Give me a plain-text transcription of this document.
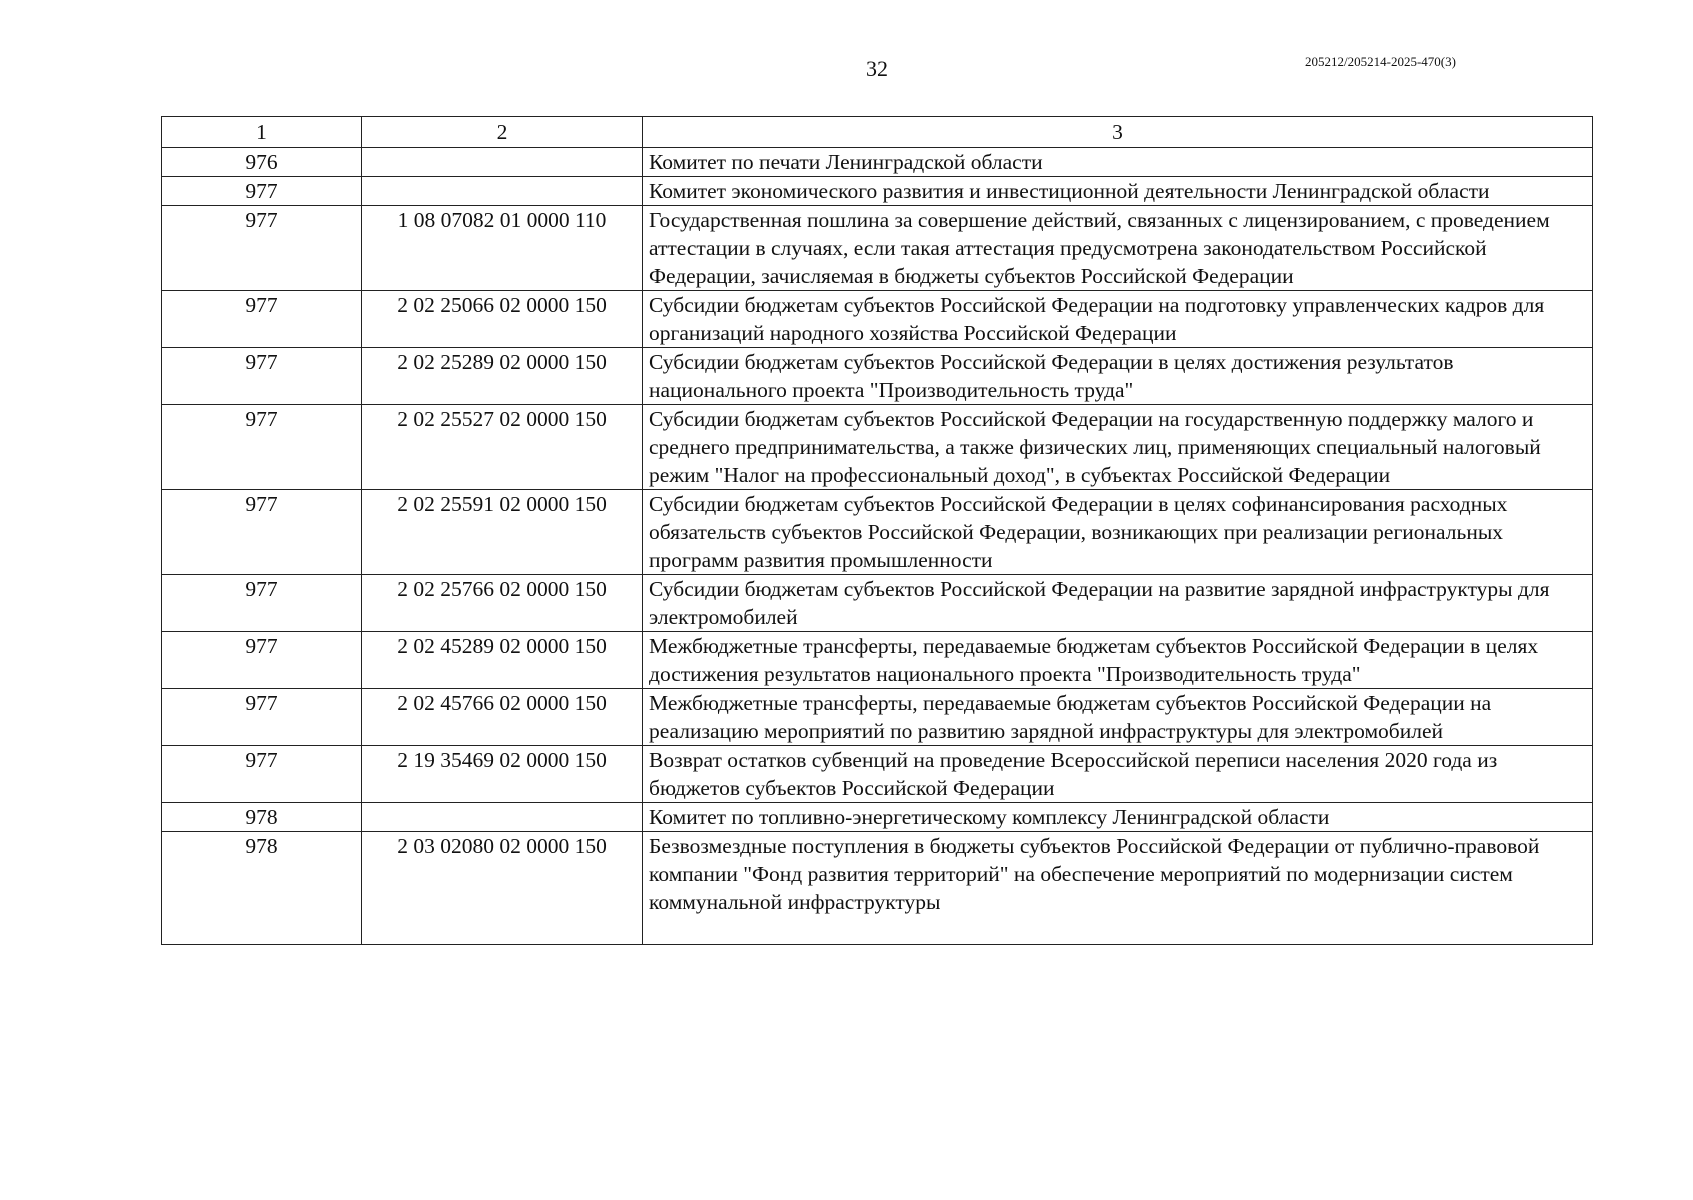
32	205212/205214-2025-470(3)
1	2	3
976		Комитет по печати Ленинградской области
977		Комитет экономического развития и инвестиционной деятельности Ленинградской области
977	1 08 07082 01 0000 110	Государственная пошлина за совершение действий, связанных с лицензированием, с проведением аттестации в случаях, если такая аттестация предусмотрена законодательством Российской Федерации, зачисляемая в бюджеты субъектов Российской Федерации
977	2 02 25066 02 0000 150	Субсидии бюджетам субъектов Российской Федерации на подготовку управленческих кадров для организаций народного хозяйства Российской Федерации
977	2 02 25289 02 0000 150	Субсидии бюджетам субъектов Российской Федерации в целях достижения результатов национального проекта "Производительность труда"
977	2 02 25527 02 0000 150	Субсидии бюджетам субъектов Российской Федерации на государственную поддержку малого и среднего предпринимательства, а также физических лиц, применяющих специальный налоговый режим "Налог на профессиональный доход", в субъектах Российской Федерации
977	2 02 25591 02 0000 150	Субсидии бюджетам субъектов Российской Федерации в целях софинансирования расходных обязательств субъектов Российской Федерации, возникающих при реализации региональных программ развития промышленности
977	2 02 25766 02 0000 150	Субсидии бюджетам субъектов Российской Федерации на развитие зарядной инфраструктуры для электромобилей
977	2 02 45289 02 0000 150	Межбюджетные трансферты, передаваемые бюджетам субъектов Российской Федерации в целях достижения результатов национального проекта "Производительность труда"
977	2 02 45766 02 0000 150	Межбюджетные трансферты, передаваемые бюджетам субъектов Российской Федерации на реализацию мероприятий по развитию зарядной инфраструктуры для электромобилей
977	2 19 35469 02 0000 150	Возврат остатков субвенций на проведение Всероссийской переписи населения 2020 года из бюджетов субъектов Российской Федерации
978		Комитет по топливно-энергетическому комплексу Ленинградской области
978	2 03 02080 02 0000 150	Безвозмездные поступления в бюджеты субъектов Российской Федерации от публично-правовой компании "Фонд развития территорий" на обеспечение мероприятий по модернизации систем коммунальной инфраструктуры
